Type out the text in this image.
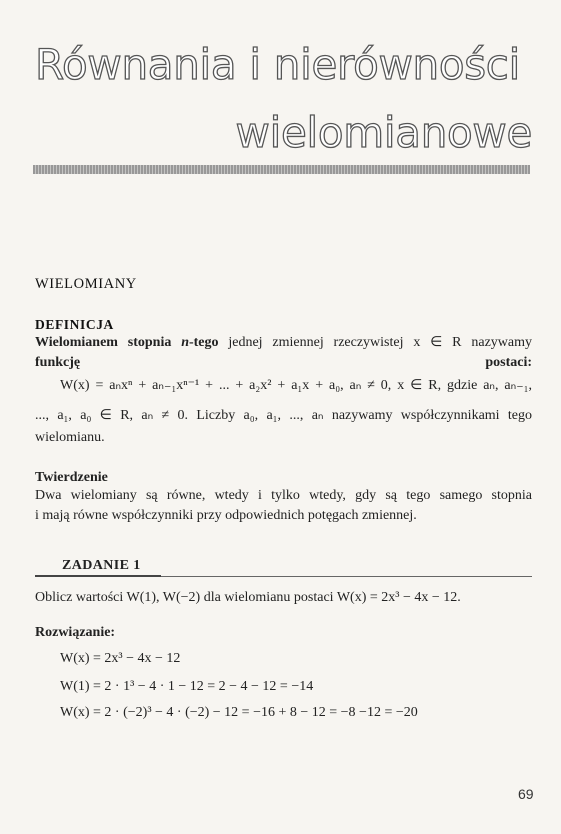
Równania i nierówności
wielomianowe
WIELOMIANY
DEFINICJA
Wielomianem stopnia n-tego jednej zmiennej rzeczywistej x ∈ R nazywamy
funkcję postaci:
W(x) = aₙxⁿ + aₙ₋₁xⁿ⁻¹ + ... + a₂x² + a₁x + a₀, aₙ ≠ 0, x ∈ R, gdzie aₙ, aₙ₋₁,
..., a₁, a₀ ∈ R, aₙ ≠ 0. Liczby a₀, a₁, ..., aₙ nazywamy współczynnikami tego
wielomianu.
Twierdzenie
Dwa wielomiany są równe, wtedy i tylko wtedy, gdy są tego samego stopnia
i mają równe współczynniki przy odpowiednich potęgach zmiennej.
ZADANIE 1
Oblicz wartości W(1), W(−2) dla wielomianu postaci W(x) = 2x³ − 4x − 12.
Rozwiązanie:
W(x) = 2x³ − 4x − 12
W(1) = 2 · 1³ − 4 · 1 − 12 = 2 − 4 − 12 = −14
W(x) = 2 · (−2)³ − 4 · (−2) − 12 = −16 + 8 − 12 = −8 −12 = −20
69
